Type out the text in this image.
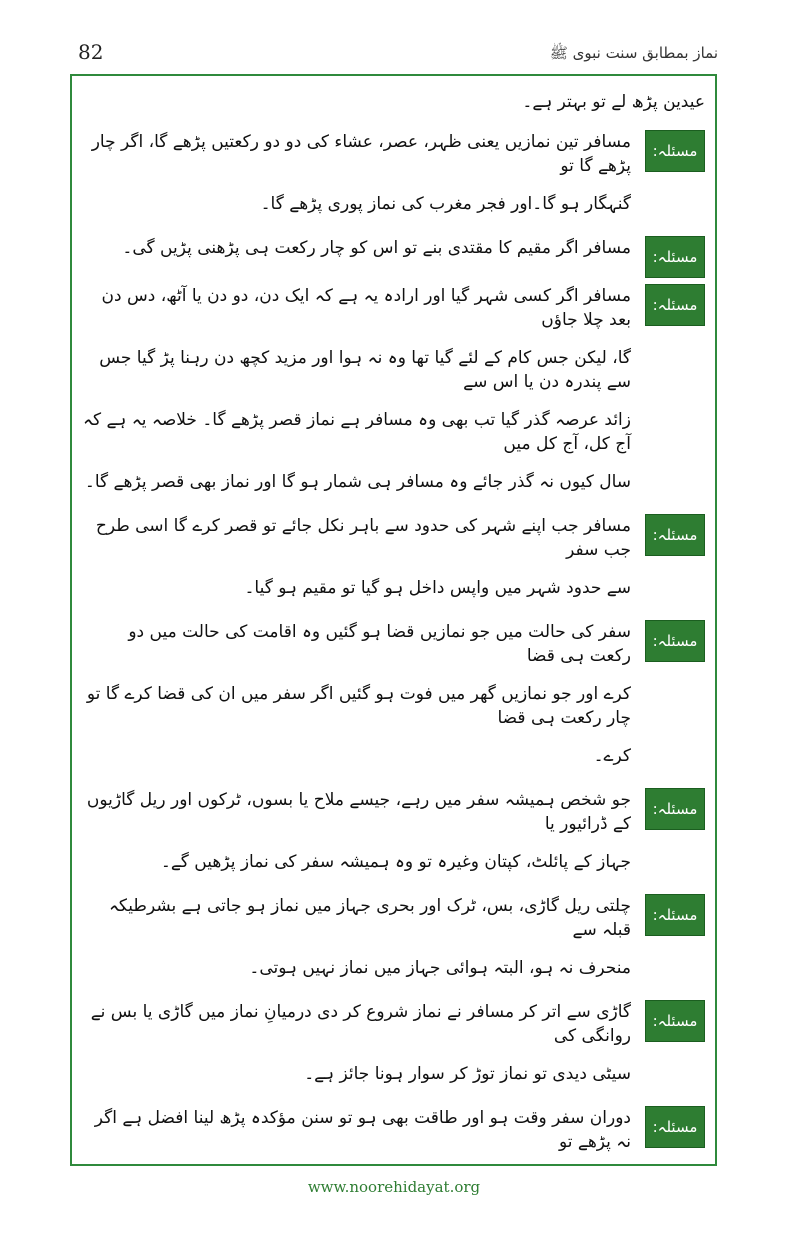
82	نماز بمطابق سنت نبوی ﷺ
عیدین پڑھ لے تو بہتر ہے۔
مسئلہ:
مسافر تین نمازیں یعنی ظہر، عصر، عشاء کی دو دو رکعتیں پڑھے گا، اگر چار پڑھے گا تو
گنہگار ہو گا۔اور فجر مغرب کی نماز پوری پڑھے گا۔
مسئلہ:
مسافر اگر مقیم کا مقتدی بنے تو اس کو چار رکعت ہی پڑھنی پڑیں گی۔
مسئلہ:
مسافر اگر کسی شہر گیا اور ارادہ یہ ہے کہ ایک دن، دو دن یا آٹھ، دس دن بعد چلا جاؤں
گا، لیکن جس کام کے لئے گیا تھا وہ نہ ہوا اور مزید کچھ دن رہنا پڑ گیا جس سے پندرہ دن یا اس سے
زائد عرصہ گذر گیا تب بھی وہ مسافر ہے نماز قصر پڑھے گا۔ خلاصہ یہ ہے کہ آج کل، آج کل میں
سال کیوں نہ گذر جائے وہ مسافر ہی شمار ہو گا اور نماز بھی قصر پڑھے گا۔
مسئلہ:
مسافر جب اپنے شہر کی حدود سے باہر نکل جائے تو قصر کرے گا اسی طرح جب سفر
سے حدود شہر میں واپس داخل ہو گیا تو مقیم ہو گیا۔
مسئلہ:
سفر کی حالت میں جو نمازیں قضا ہو گئیں وہ اقامت کی حالت میں دو رکعت ہی قضا
کرے اور جو نمازیں گھر میں فوت ہو گئیں اگر سفر میں ان کی قضا کرے گا تو چار رکعت ہی قضا
کرے۔
مسئلہ:
جو شخص ہمیشہ سفر میں رہے، جیسے ملاح یا بسوں، ٹرکوں اور ریل گاڑیوں کے ڈرائیور یا
جہاز کے پائلٹ، کپتان وغیرہ تو وہ ہمیشہ سفر کی نماز پڑھیں گے۔
مسئلہ:
چلتی ریل گاڑی، بس، ٹرک اور بحری جہاز میں نماز ہو جاتی ہے بشرطیکہ قبلہ سے
منحرف نہ ہو، البتہ ہوائی جہاز میں نماز نہیں ہوتی۔
مسئلہ:
گاڑی سے اتر کر مسافر نے نماز شروع کر دی درمیانِ نماز میں گاڑی یا بس نے روانگی کی
سیٹی دیدی تو نماز توڑ کر سوار ہونا جائز ہے۔
مسئلہ:
دوران سفر وقت ہو اور طاقت بھی ہو تو سنن مؤکدہ پڑھ لینا افضل ہے اگر نہ پڑھے تو
www.noorehidayat.org
